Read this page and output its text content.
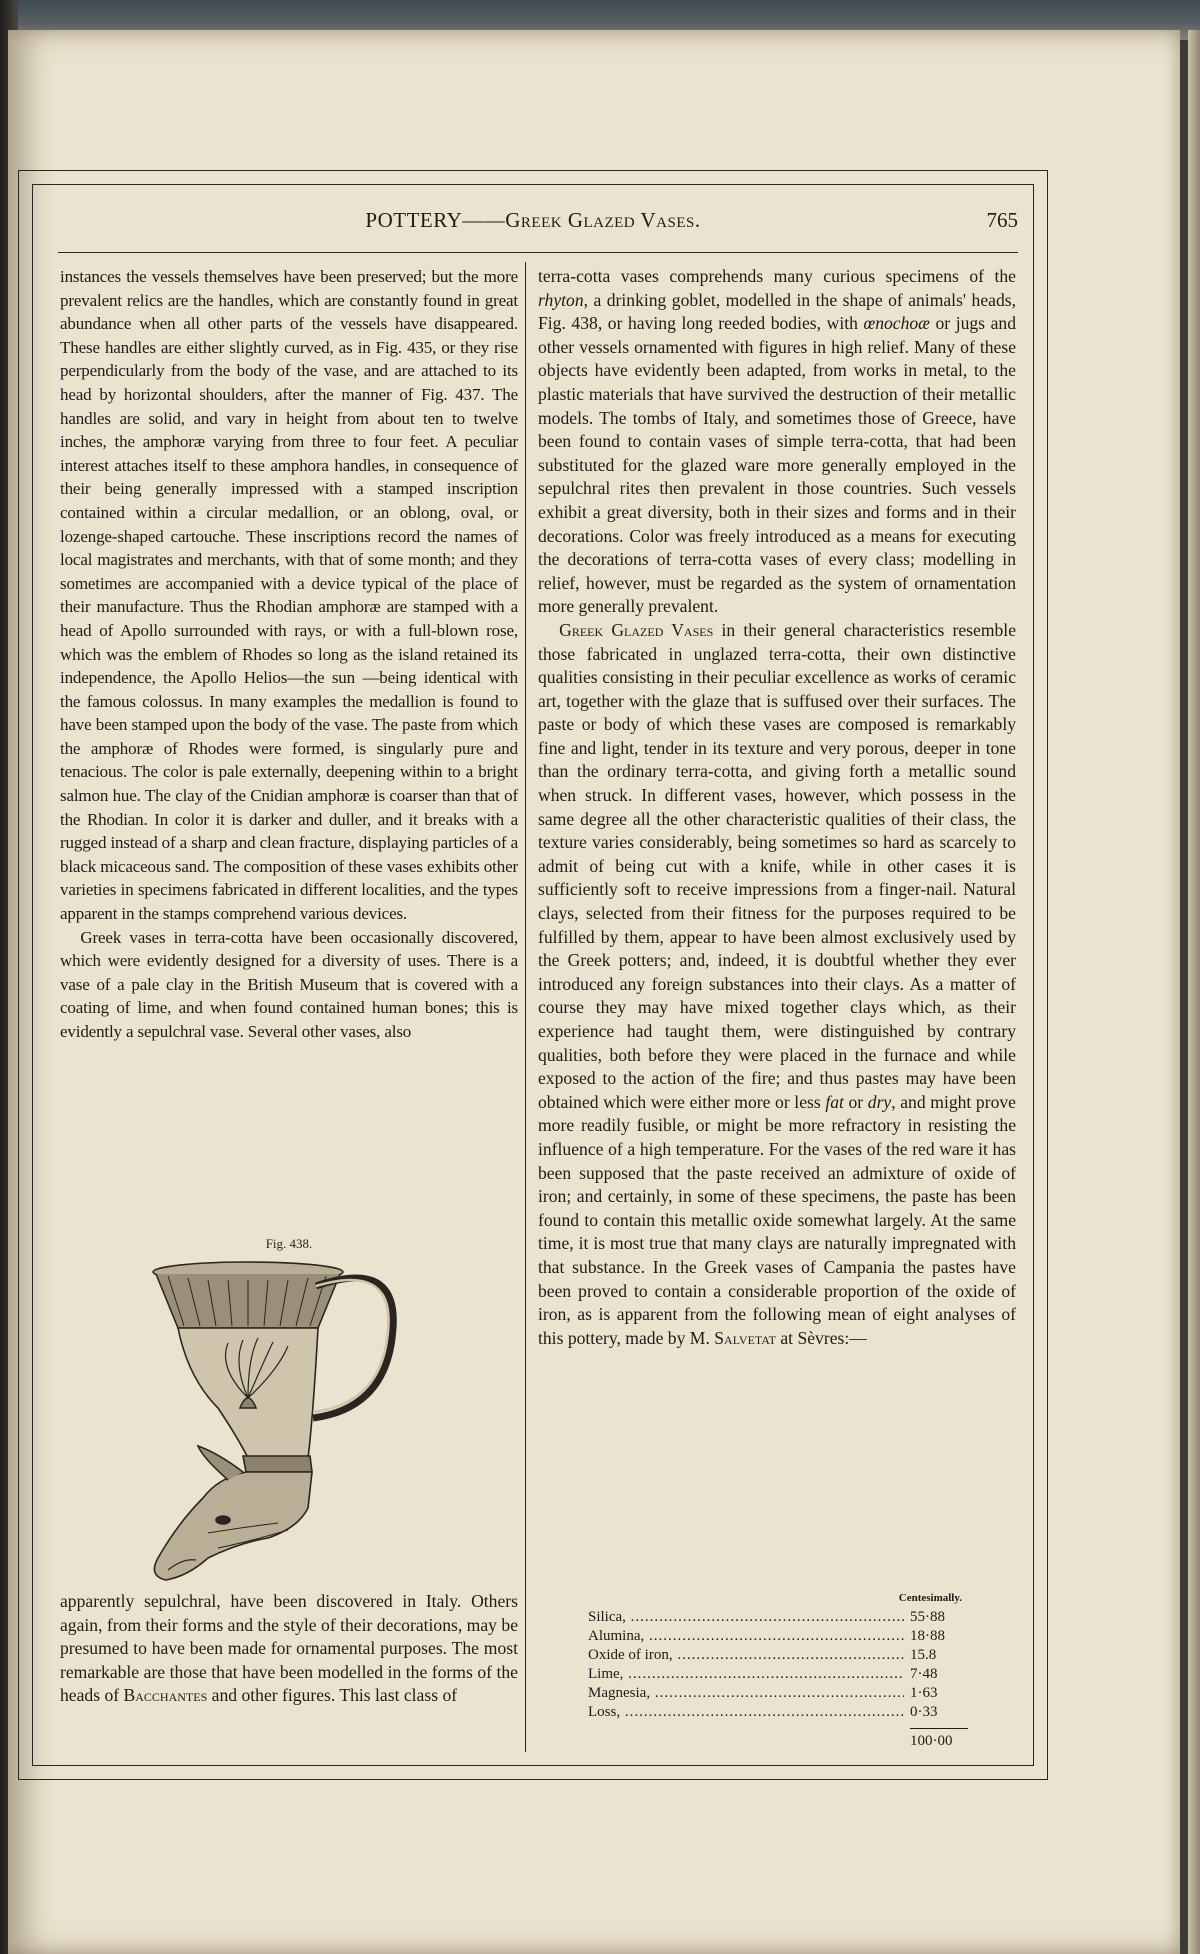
POTTERY——Greek Glazed Vases.	765

instances the vessels themselves have been preserved; but the more prevalent relics are the handles, which are constantly found in great abundance when all other parts of the vessels have disappeared. These handles are either slightly curved, as in Fig. 435, or they rise perpendicularly from the body of the vase, and are attached to its head by horizontal shoulders, after the manner of Fig. 437. The handles are solid, and vary in height from about ten to twelve inches, the amphoræ varying from three to four feet. A peculiar interest attaches itself to these amphora handles, in consequence of their being generally impressed with a stamped inscription contained within a circular medallion, or an oblong, oval, or lozenge-shaped cartouche. These inscriptions record the names of local magistrates and merchants, with that of some month; and they sometimes are accompanied with a device typical of the place of their manufacture. Thus the Rhodian amphoræ are stamped with a head of Apollo surrounded with rays, or with a full-blown rose, which was the emblem of Rhodes so long as the island retained its independence, the Apollo Helios—the sun —being identical with the famous colossus. In many examples the medallion is found to have been stamped upon the body of the vase. The paste from which the amphoræ of Rhodes were formed, is singularly pure and tenacious. The color is pale externally, deepening within to a bright salmon hue. The clay of the Cnidian amphoræ is coarser than that of the Rhodian. In color it is darker and duller, and it breaks with a rugged instead of a sharp and clean fracture, displaying particles of a black micaceous sand. The composition of these vases exhibits other varieties in specimens fabricated in different localities, and the types apparent in the stamps comprehend various devices.

Greek vases in terra-cotta have been occasionally discovered, which were evidently designed for a diversity of uses. There is a vase of a pale clay in the British Museum that is covered with a coating of lime, and when found contained human bones; this is evidently a sepulchral vase. Several other vases, also

Fig. 438.

apparently sepulchral, have been discovered in Italy. Others again, from their forms and the style of their decorations, may be presumed to have been made for ornamental purposes. The most remarkable are those that have been modelled in the forms of the heads of Bacchantes and other figures. This last class of

terra-cotta vases comprehends many curious specimens of the rhyton, a drinking goblet, modelled in the shape of animals' heads, Fig. 438, or having long reeded bodies, with œnochoæ or jugs and other vessels ornamented with figures in high relief. Many of these objects have evidently been adapted, from works in metal, to the plastic materials that have survived the destruction of their metallic models. The tombs of Italy, and sometimes those of Greece, have been found to contain vases of simple terra-cotta, that had been substituted for the glazed ware more generally employed in the sepulchral rites then prevalent in those countries. Such vessels exhibit a great diversity, both in their sizes and forms and in their decorations. Color was freely introduced as a means for executing the decorations of terra-cotta vases of every class; modelling in relief, however, must be regarded as the system of ornamentation more generally prevalent.

Greek Glazed Vases in their general characteristics resemble those fabricated in unglazed terra-cotta, their own distinctive qualities consisting in their peculiar excellence as works of ceramic art, together with the glaze that is suffused over their surfaces. The paste or body of which these vases are composed is remarkably fine and light, tender in its texture and very porous, deeper in tone than the ordinary terra-cotta, and giving forth a metallic sound when struck. In different vases, however, which possess in the same degree all the other characteristic qualities of their class, the texture varies considerably, being sometimes so hard as scarcely to admit of being cut with a knife, while in other cases it is sufficiently soft to receive impressions from a finger-nail. Natural clays, selected from their fitness for the purposes required to be fulfilled by them, appear to have been almost exclusively used by the Greek potters; and, indeed, it is doubtful whether they ever introduced any foreign substances into their clays. As a matter of course they may have mixed together clays which, as their experience had taught them, were distinguished by contrary qualities, both before they were placed in the furnace and while exposed to the action of the fire; and thus pastes may have been obtained which were either more or less fat or dry, and might prove more readily fusible, or might be more refractory in resisting the influence of a high temperature. For the vases of the red ware it has been supposed that the paste received an admixture of oxide of iron; and certainly, in some of these specimens, the paste has been found to contain this metallic oxide somewhat largely. At the same time, it is most true that many clays are naturally impregnated with that substance. In the Greek vases of Campania the pastes have been proved to contain a considerable proportion of the oxide of iron, as is apparent from the following mean of eight analyses of this pottery, made by M. Salvetat at Sèvres:—

Centesimally.
Silica, .....	55·88
Alumina, .....	18·88
Oxide of iron, .....	15.8
Lime, .....	7·48
Magnesia, .....	1·63
Loss, .....	0·33
100·00
